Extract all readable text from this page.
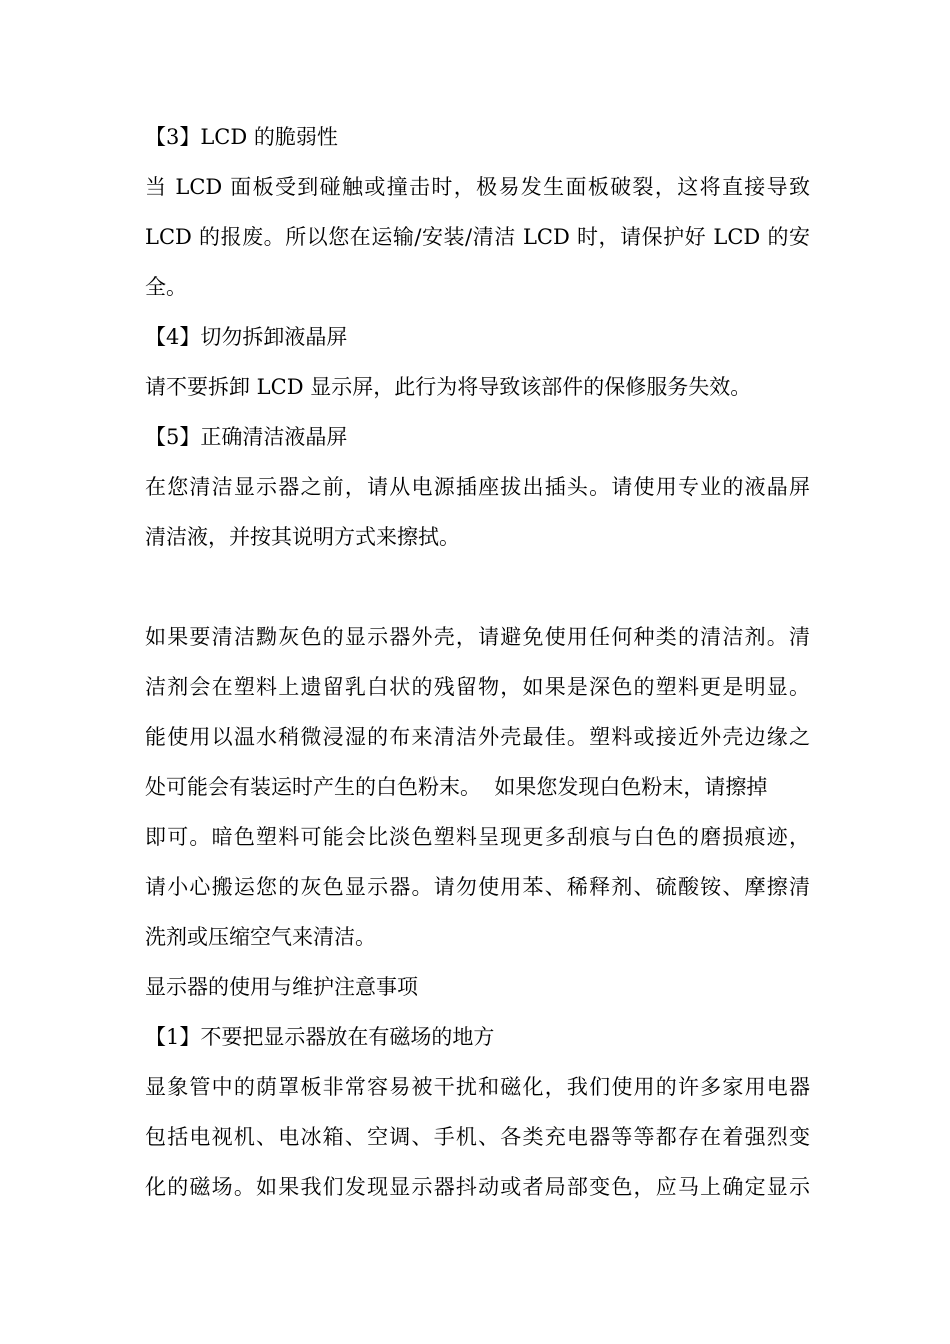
【3】LCD 的脆弱性
当 LCD 面板受到碰触或撞击时，极易发生面板破裂，这将直接导致
LCD 的报废。所以您在运输/安装/清洁 LCD 时，请保护好 LCD 的安
全。
【4】切勿拆卸液晶屏
请不要拆卸 LCD 显示屏，此行为将导致该部件的保修服务失效。
【5】正确清洁液晶屏
在您清洁显示器之前，请从电源插座拔出插头。请使用专业的液晶屏
清洁液，并按其说明方式来擦拭。
如果要清洁黝灰色的显示器外壳，请避免使用任何种类的清洁剂。清
洁剂会在塑料上遗留乳白状的残留物，如果是深色的塑料更是明显。
能使用以温水稍微浸湿的布来清洁外壳最佳。塑料或接近外壳边缘之
处可能会有装运时产生的白色粉末。  如果您发现白色粉末，请擦掉
即可。暗色塑料可能会比淡色塑料呈现更多刮痕与白色的磨损痕迹，
请小心搬运您的灰色显示器。请勿使用苯、稀释剂、硫酸铵、摩擦清
洗剂或压缩空气来清洁。
显示器的使用与维护注意事项
【1】不要把显示器放在有磁场的地方
显象管中的荫罩板非常容易被干扰和磁化，我们使用的许多家用电器
包括电视机、电冰箱、空调、手机、各类充电器等等都存在着强烈变
化的磁场。如果我们发现显示器抖动或者局部变色，应马上确定显示
